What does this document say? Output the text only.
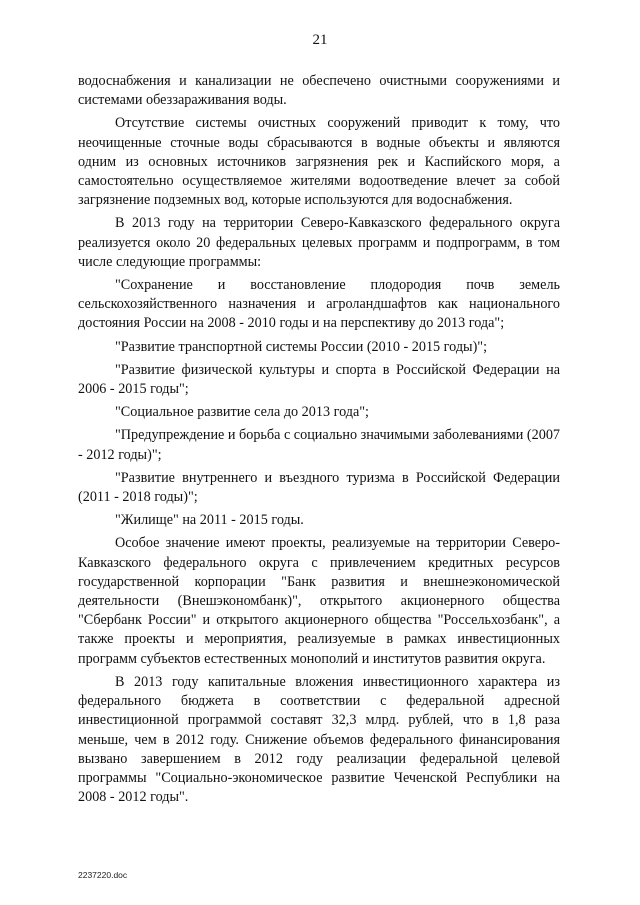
21

водоснабжения и канализации не обеспечено очистными сооружениями и системами обеззараживания воды.

Отсутствие системы очистных сооружений приводит к тому, что неочищенные сточные воды сбрасываются в водные объекты и являются одним из основных источников загрязнения рек и Каспийского моря, а самостоятельно осуществляемое жителями водоотведение влечет за собой загрязнение подземных вод, которые используются для водоснабжения.

В 2013 году на территории Северо-Кавказского федерального округа реализуется около 20 федеральных целевых программ и подпрограмм, в том числе следующие программы:

"Сохранение и восстановление плодородия почв земель сельскохозяйственного назначения и агроландшафтов как национального достояния России на 2008 - 2010 годы и на перспективу до 2013 года";

"Развитие транспортной системы России (2010 - 2015 годы)";

"Развитие физической культуры и спорта в Российской Федерации на 2006 - 2015 годы";

"Социальное развитие села до 2013 года";

"Предупреждение и борьба с социально значимыми заболеваниями (2007 - 2012 годы)";

"Развитие внутреннего и въездного туризма в Российской Федерации (2011 - 2018 годы)";

"Жилище" на 2011 - 2015 годы.

Особое значение имеют проекты, реализуемые на территории Северо-Кавказского федерального округа с привлечением кредитных ресурсов государственной корпорации "Банк развития и внешнеэкономической деятельности (Внешэкономбанк)", открытого акционерного общества "Сбербанк России" и открытого акционерного общества "Россельхозбанк", а также проекты и мероприятия, реализуемые в рамках инвестиционных программ субъектов естественных монополий и институтов развития округа.

В 2013 году капитальные вложения инвестиционного характера из федерального бюджета в соответствии с федеральной адресной инвестиционной программой составят 32,3 млрд. рублей, что в 1,8 раза меньше, чем в 2012 году. Снижение объемов федерального финансирования вызвано завершением в 2012 году реализации федеральной целевой программы "Социально-экономическое развитие Чеченской Республики на 2008 - 2012 годы".

2237220.doc
